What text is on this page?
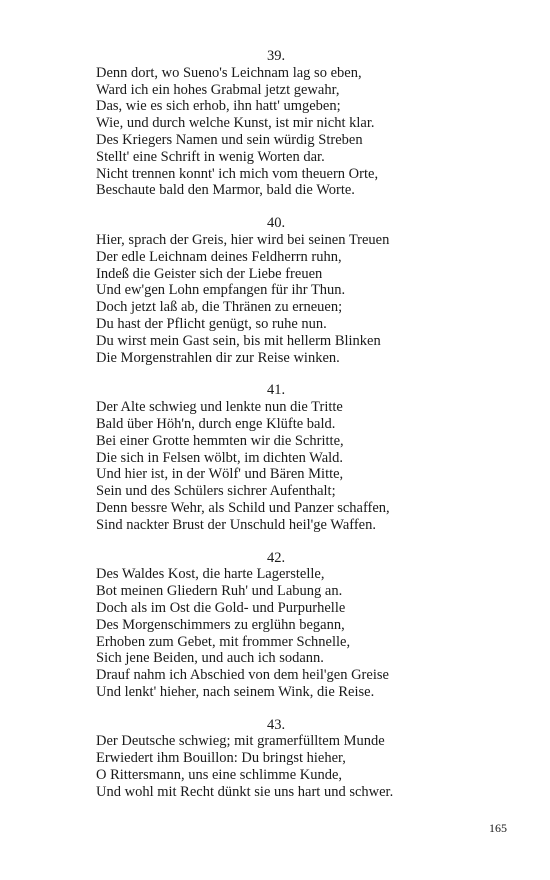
39.
Denn dort, wo Sueno's Leichnam lag so eben,
Ward ich ein hohes Grabmal jetzt gewahr,
Das, wie es sich erhob, ihn hatt' umgeben;
Wie, und durch welche Kunst, ist mir nicht klar.
Des Kriegers Namen und sein würdig Streben
Stellt' eine Schrift in wenig Worten dar.
Nicht trennen konnt' ich mich vom theuern Orte,
Beschaute bald den Marmor, bald die Worte.
40.
Hier, sprach der Greis, hier wird bei seinen Treuen
Der edle Leichnam deines Feldherrn ruhn,
Indeß die Geister sich der Liebe freuen
Und ew'gen Lohn empfangen für ihr Thun.
Doch jetzt laß ab, die Thränen zu erneuen;
Du hast der Pflicht genügt, so ruhe nun.
Du wirst mein Gast sein, bis mit hellerm Blinken
Die Morgenstrahlen dir zur Reise winken.
41.
Der Alte schwieg und lenkte nun die Tritte
Bald über Höh'n, durch enge Klüfte bald.
Bei einer Grotte hemmten wir die Schritte,
Die sich in Felsen wölbt, im dichten Wald.
Und hier ist, in der Wölf' und Bären Mitte,
Sein und des Schülers sichrer Aufenthalt;
Denn bessre Wehr, als Schild und Panzer schaffen,
Sind nackter Brust der Unschuld heil'ge Waffen.
42.
Des Waldes Kost, die harte Lagerstelle,
Bot meinen Gliedern Ruh' und Labung an.
Doch als im Ost die Gold- und Purpurhelle
Des Morgenschimmers zu erglühn begann,
Erhoben zum Gebet, mit frommer Schnelle,
Sich jene Beiden, und auch ich sodann.
Drauf nahm ich Abschied von dem heil'gen Greise
Und lenkt' hieher, nach seinem Wink, die Reise.
43.
Der Deutsche schwieg; mit gramerfülltem Munde
Erwiedert ihm Bouillon: Du bringst hieher,
O Rittersmann, uns eine schlimme Kunde,
Und wohl mit Recht dünkt sie uns hart und schwer.
165
